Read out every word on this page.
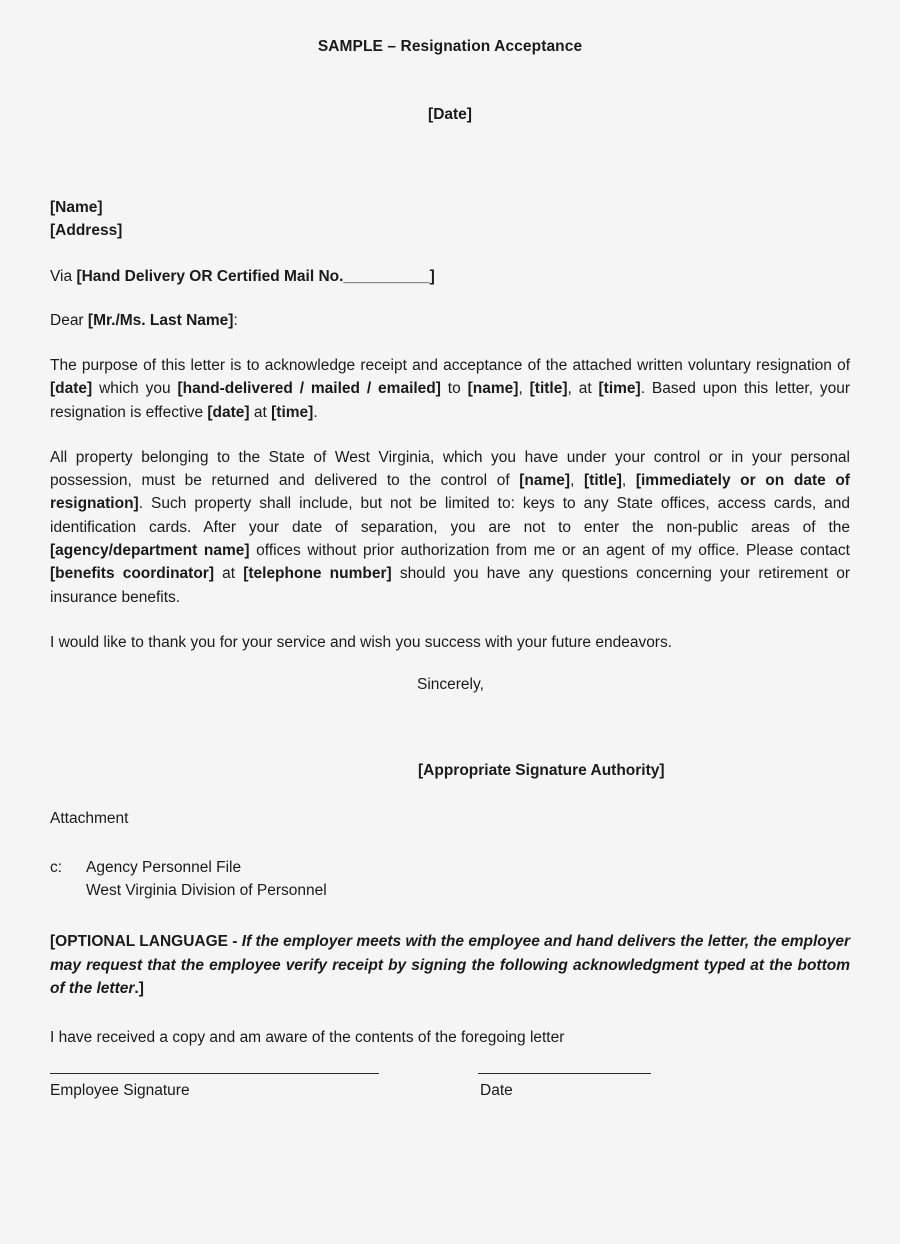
SAMPLE – Resignation Acceptance
[Date]
[Name]
[Address]
Via [Hand Delivery OR Certified Mail No.__________]
Dear [Mr./Ms. Last Name]:

The purpose of this letter is to acknowledge receipt and acceptance of the attached written voluntary resignation of [date] which you [hand-delivered / mailed / emailed] to [name], [title], at [time]. Based upon this letter, your resignation is effective [date] at [time].

All property belonging to the State of West Virginia, which you have under your control or in your personal possession, must be returned and delivered to the control of [name], [title], [immediately or on date of resignation]. Such property shall include, but not be limited to: keys to any State offices, access cards, and identification cards. After your date of separation, you are not to enter the non-public areas of the [agency/department name] offices without prior authorization from me or an agent of my office. Please contact [benefits coordinator] at [telephone number] should you have any questions concerning your retirement or insurance benefits.

I would like to thank you for your service and wish you success with your future endeavors.

Sincerely,
[Appropriate Signature Authority]
Attachment
c:	Agency Personnel File
West Virginia Division of Personnel

[OPTIONAL LANGUAGE - If the employer meets with the employee and hand delivers the letter, the employer may request that the employee verify receipt by signing the following acknowledgment typed at the bottom of the letter.]

I have received a copy and am aware of the contents of the foregoing letter
Employee Signature	Date
